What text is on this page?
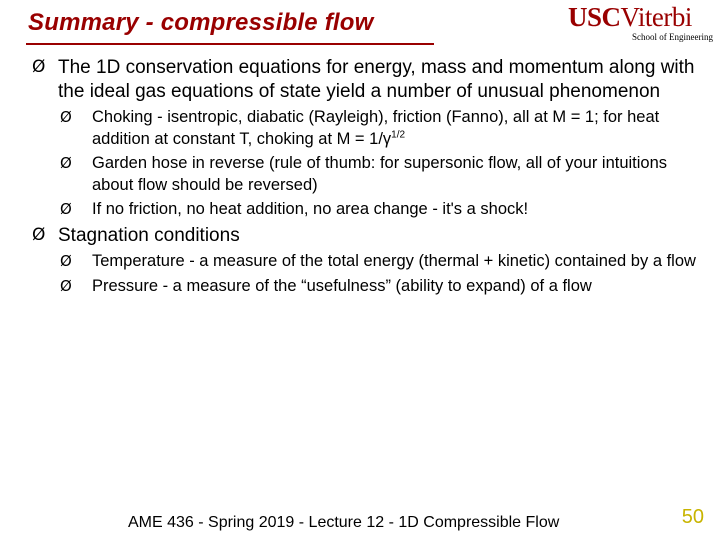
Summary - compressible flow	USCViterbi
School of Engineering
Ø The 1D conservation equations for energy, mass and momentum along with the ideal gas equations of state yield a number of unusual phenomenon
Ø Choking - isentropic, diabatic (Rayleigh), friction (Fanno), all at M = 1; for heat addition at constant T, choking at $M = 1/\gamma^{1/2}$
Ø Garden hose in reverse (rule of thumb: for supersonic flow, all of your intuitions about flow should be reversed)
Ø If no friction, no heat addition, no area change - it's a shock!
Ø Stagnation conditions
Ø Temperature - a measure of the total energy (thermal + kinetic) contained by a flow
Ø Pressure - a measure of the “usefulness” (ability to expand) of a flow
AME 436 - Spring 2019 - Lecture 12 - 1D Compressible Flow	50
